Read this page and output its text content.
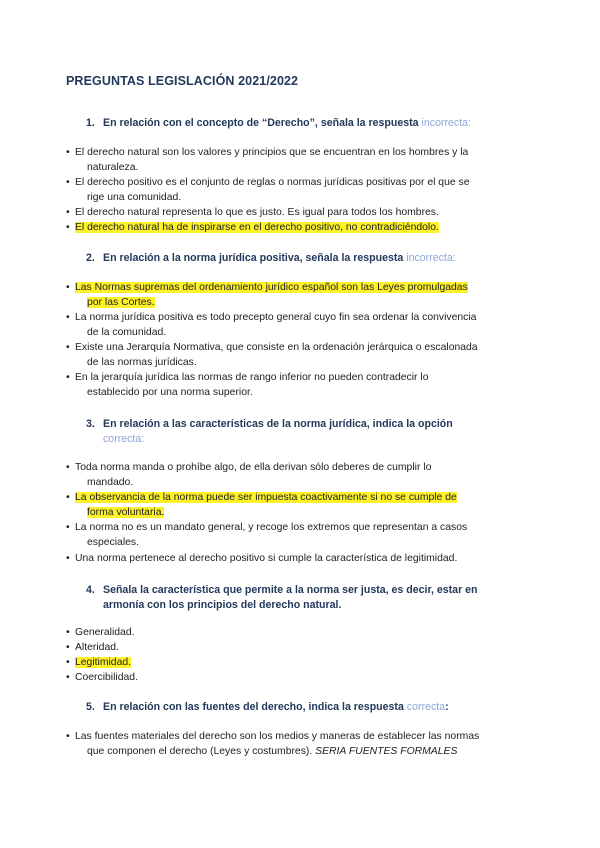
PREGUNTAS LEGISLACIÓN 2021/2022
1. En relación con el concepto de “Derecho”, señala la respuesta incorrecta:
• El derecho natural son los valores y principios que se encuentran en los hombres y la
naturaleza.
• El derecho positivo es el conjunto de reglas o normas jurídicas positivas por el que se
rige una comunidad.
• El derecho natural representa lo que es justo. Es igual para todos los hombres.
• El derecho natural ha de inspirarse en el derecho positivo, no contradiciéndolo.
2. En relación a la norma jurídica positiva, señala la respuesta incorrecta:
• Las Normas supremas del ordenamiento jurídico español son las Leyes promulgadas
por las Cortes.
• La norma jurídica positiva es todo precepto general cuyo fin sea ordenar la convivencia
de la comunidad.
• Existe una Jerarquía Normativa, que consiste en la ordenación jerárquica o escalonada
de las normas jurídicas.
• En la jerarquía jurídica las normas de rango inferior no pueden contradecir lo
establecido por una norma superior.
3. En relación a las características de la norma jurídica, indica la opción
correcta:
• Toda norma manda o prohíbe algo, de ella derivan sólo deberes de cumplir lo
mandado.
• La observancia de la norma puede ser impuesta coactivamente si no se cumple de
forma voluntaria.
• La norma no es un mandato general, y recoge los extremos que representan a casos
especiales.
• Una norma pertenece al derecho positivo si cumple la característica de legitimidad.
4. Señala la característica que permite a la norma ser justa, es decir, estar en
armonía con los principios del derecho natural.
• Generalidad.
• Alteridad.
• Legitimidad.
• Coercibilidad.
5. En relación con las fuentes del derecho, indica la respuesta correcta:
• Las fuentes materiales del derecho son los medios y maneras de establecer las normas
que componen el derecho (Leyes y costumbres). SERIA FUENTES FORMALES
